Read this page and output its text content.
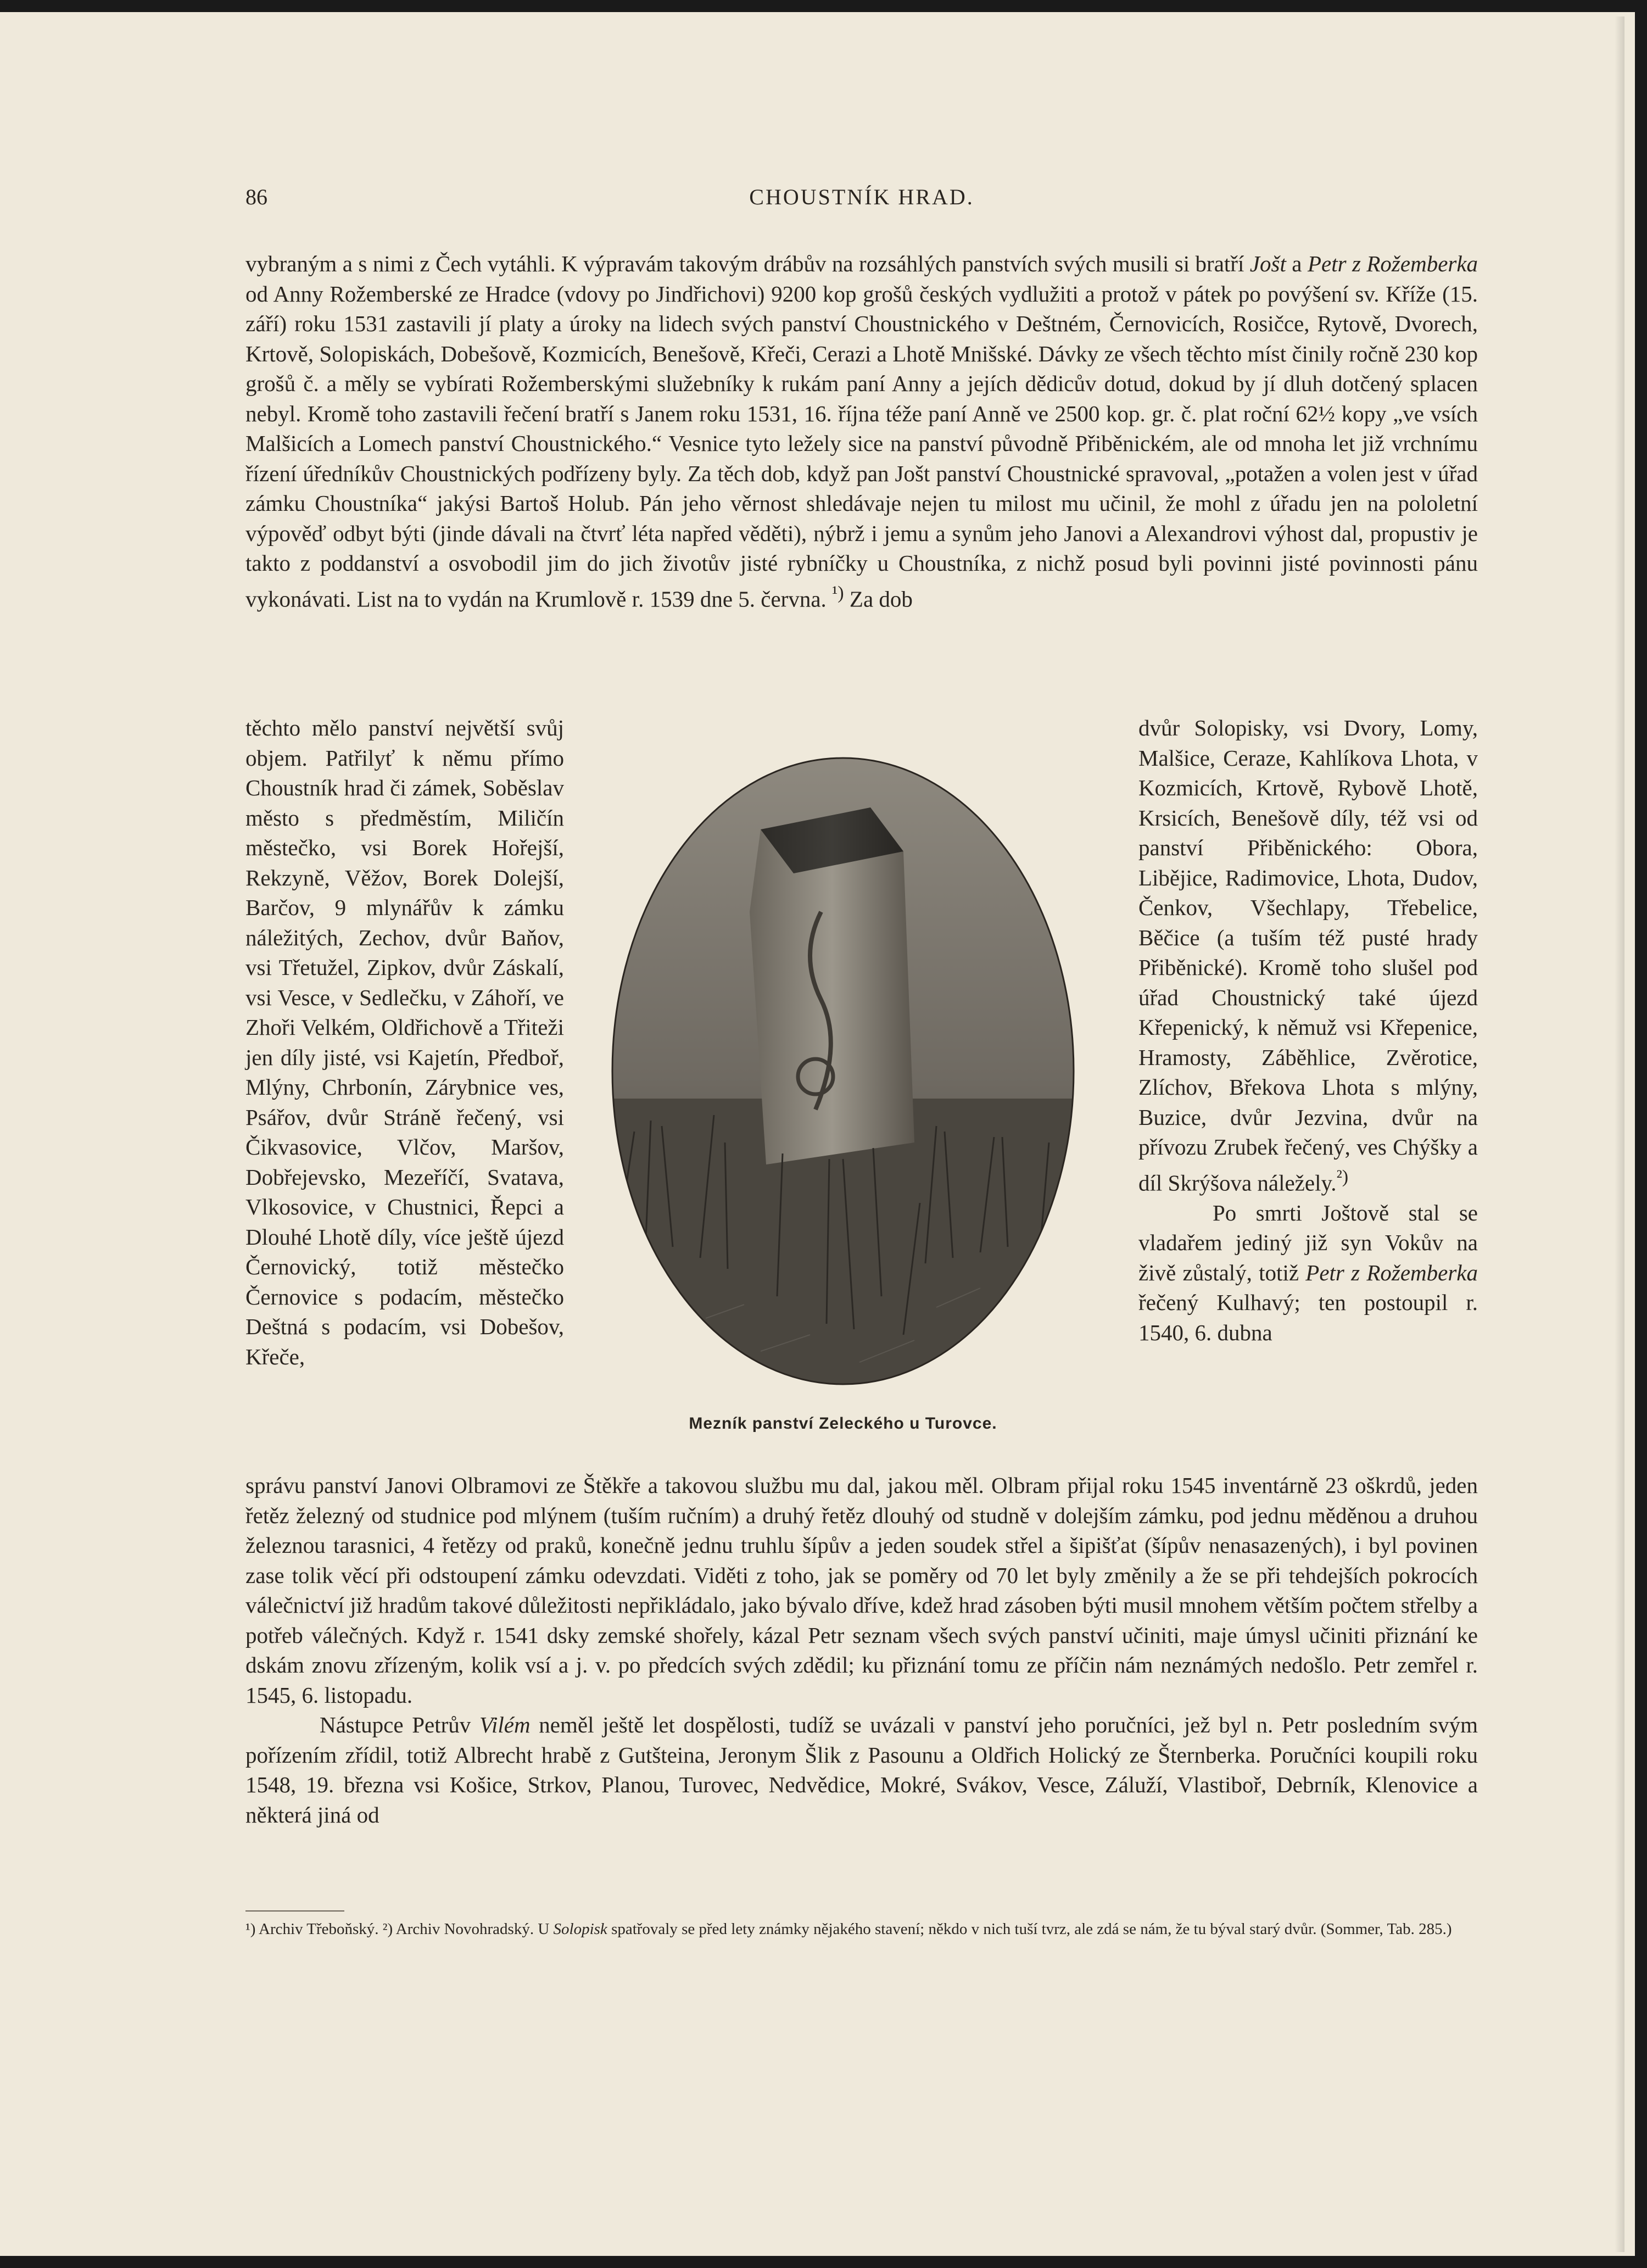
86	CHOUSTNÍK HRAD.

vybraným a s nimi z Čech vytáhli. K výpravám takovým drábův na rozsáhlých panstvích svých musili si bratří Jošt a Petr z Rožemberka od Anny Rožemberské ze Hradce (vdovy po Jindřichovi) 9200 kop grošů českých vydlužiti a protož v pátek po povýšení sv. Kříže (15. září) roku 1531 zastavili jí platy a úroky na lidech svých panství Choustnického v Deštném, Černovicích, Rosičce, Rytově, Dvorech, Krtově, Solopiskách, Dobešově, Kozmicích, Benešově, Křeči, Cerazi a Lhotě Mnišské. Dávky ze všech těchto míst činily ročně 230 kop grošů č. a měly se vybírati Rožemberskými služebníky k rukám paní Anny a jejích dědicův dotud, dokud by jí dluh dotčený splacen nebyl. Kromě toho zastavili řečení bratří s Janem roku 1531, 16. října téže paní Anně ve 2500 kop. gr. č. plat roční 62½ kopy „ve vsích Malšicích a Lomech panství Choustnického.“ Vesnice tyto ležely sice na panství původně Přiběnickém, ale od mnoha let již vrchnímu řízení úředníkův Choustnických podřízeny byly. Za těch dob, když pan Jošt panství Choustnické spravoval, „potažen a volen jest v úřad zámku Choustníka“ jakýsi Bartoš Holub. Pán jeho věrnost shledávaje nejen tu milost mu učinil, že mohl z úřadu jen na pololetní výpověď odbyt býti (jinde dávali na čtvrť léta napřed věděti), nýbrž i jemu a synům jeho Janovi a Alexandrovi výhost dal, propustiv je takto z poddanství a osvobodil jim do jich životův jisté rybníčky u Choustníka, z nichž posud byli povinni jisté povinnosti pánu vykonávati. List na to vydán na Krumlově r. 1539 dne 5. června. $^{^1)}$ Za dob

těchto mělo panství největší svůj objem. Patřilyť k němu přímo Choustník hrad či zámek, Soběslav město s předměstím, Miličín městečko, vsi Borek Hořejší, Rekzyně, Věžov, Borek Dolejší, Barčov, 9 mlynářův k zámku náležitých, Zechov, dvůr Baňov, vsi Třetužel, Zipkov, dvůr Záskalí, vsi Vesce, v Sedlečku, v Záhoří, ve Zhoři Velkém, Oldřichově a Třiteži jen díly jisté, vsi Kajetín, Předboř, Mlýny, Chrbonín, Zárybnice ves, Psářov, dvůr Stráně řečený, vsi Čikvasovice, Vlčov, Maršov, Dobřejevsko, Mezeříčí, Svatava, Vlkosovice, v Chustnici, Řepci a Dlouhé Lhotě díly, více ještě újezd Černovický, totiž městečko Černovice s podacím, městečko Deštná s podacím, vsi Dobešov, Křeče,

Mezník panství Zeleckého u Turovce.

dvůr Solopisky, vsi Dvory, Lomy, Malšice, Ceraze, Kahlíkova Lhota, v Kozmicích, Krtově, Rybově Lhotě, Krsicích, Benešově díly, též vsi od panství Přiběnického: Obora, Liběјice, Radimovice, Lhota, Dudov, Čenkov, Všechlapy, Třebelice, Běčice (a tuším též pusté hrady Přiběnické). Kromě toho slušel pod úřad Choustnický také újezd Křepenický, k němuž vsi Křepenice, Hramosty, Záběhlice, Zvěrotice, Zlíchov, Břekova Lhota s mlýny, Buzice, dvůr Jezvina, dvůr na přívozu Zrubek řečený, ves Chýšky a díl Skrýšova náležely.$^{^2)}$

Po smrti Joštově stal se vladařem jediný již syn Vokův na živě zůstalý, totiž Petr z Rožemberka řečený Kulhavý; ten postoupil r. 1540, 6. dubna

správu panství Janovi Olbramovi ze Štěkře a takovou službu mu dal, jakou měl. Olbram přijal roku 1545 inventárně 23 oškrdů, jeden řetěz železný od studnice pod mlýnem (tuším ručním) a druhý řetěz dlouhý od studně v dolejším zámku, pod jednu měděnou a druhou železnou tarasnici, 4 řetězy od praků, konečně jednu truhlu šípův a jeden soudek střel a šipišťat (šípův nenasazených), i byl povinen zase tolik věcí při odstoupení zámku odevzdati. Viděti z toho, jak se poměry od 70 let byly změnily a že se při tehdejších pokrocích válečnictví již hradům takové důležitosti nepřikládalo, jako bývalo dříve, kdež hrad zásoben býti musil mnohem větším počtem střelby a potřeb válečných. Když r. 1541 dsky zemské shořely, kázal Petr seznam všech svých panství učiniti, maje úmysl učiniti přiznání ke dskám znovu zřízeným, kolik vsí a j. v. po předcích svých zdědil; ku přiznání tomu ze příčin nám neznámých nedošlo. Petr zemřel r. 1545, 6. listopadu.

Nástupce Petrův Vilém neměl ještě let dospělosti, tudíž se uvázali v panství jeho poručníci, jež byl n. Petr posledním svým pořízením zřídil, totiž Albrecht hrabě z Gutšteina, Jeronym Šlik z Pasounu a Oldřich Holický ze Šternberka. Poručníci koupili roku 1548, 19. března vsi Košice, Strkov, Planou, Turovec, Nedvědice, Mokré, Svákov, Vesce, Záluží, Vlastiboř, Debrník, Klenovice a některá jiná od

¹) Archiv Třeboňský. ²) Archiv Novohradský. U Solopisk spatřovaly se před lety známky nějakého stavení; někdo v nich tuší tvrz, ale zdá se nám, že tu býval starý dvůr. (Sommer, Tab. 285.)
